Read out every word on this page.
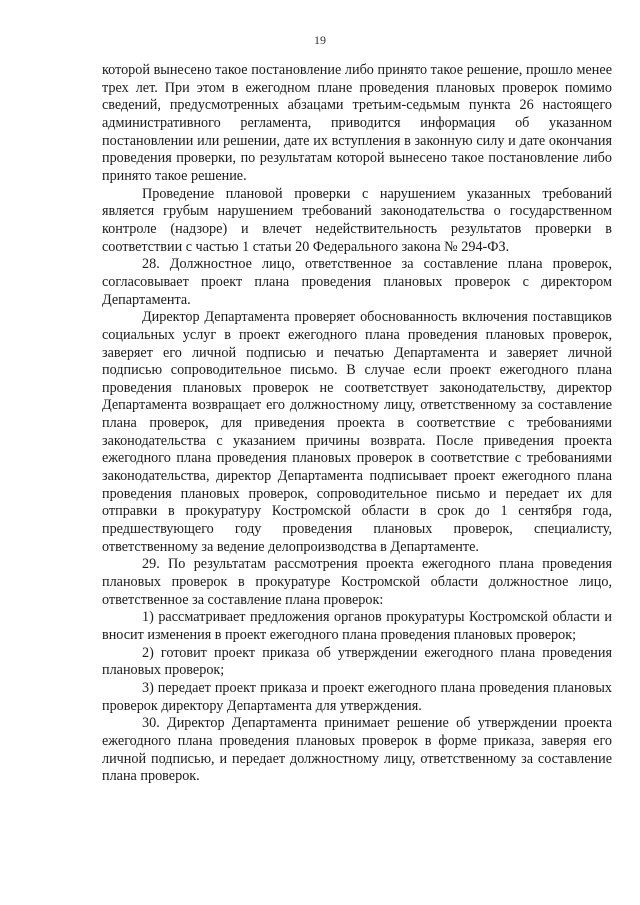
19

которой вынесено такое постановление либо принято такое решение, прошло менее трех лет. При этом в ежегодном плане проведения плановых проверок помимо сведений, предусмотренных абзацами третьим-седьмым пункта 26 настоящего административного регламента, приводится информация об указанном постановлении или решении, дате их вступления в законную силу и дате окончания проведения проверки, по результатам которой вынесено такое постановление либо принято такое решение.

Проведение плановой проверки с нарушением указанных требований является грубым нарушением требований законодательства о государственном контроле (надзоре) и влечет недействительность результатов проверки в соответствии с частью 1 статьи 20 Федерального закона № 294-ФЗ.

28. Должностное лицо, ответственное за составление плана проверок, согласовывает проект плана проведения плановых проверок с директором Департамента.

Директор Департамента проверяет обоснованность включения поставщиков социальных услуг в проект ежегодного плана проведения плановых проверок, заверяет его личной подписью и печатью Департамента и заверяет личной подписью сопроводительное письмо. В случае если проект ежегодного плана проведения плановых проверок не соответствует законодательству, директор Департамента возвращает его должностному лицу, ответственному за составление плана проверок, для приведения проекта в соответствие с требованиями законодательства с указанием причины возврата. После приведения проекта ежегодного плана проведения плановых проверок в соответствие с требованиями законодательства, директор Департамента подписывает проект ежегодного плана проведения плановых проверок, сопроводительное письмо и передает их для отправки в прокуратуру Костромской области в срок до 1 сентября года, предшествующего году проведения плановых проверок, специалисту, ответственному за ведение делопроизводства в Департаменте.

29. По результатам рассмотрения проекта ежегодного плана проведения плановых проверок в прокуратуре Костромской области должностное лицо, ответственное за составление плана проверок:

1) рассматривает предложения органов прокуратуры Костромской области и вносит изменения в проект ежегодного плана проведения плановых проверок;

2) готовит проект приказа об утверждении ежегодного плана проведения плановых проверок;

3) передает проект приказа и проект ежегодного плана проведения плановых проверок директору Департамента для утверждения.

30. Директор Департамента принимает решение об утверждении проекта ежегодного плана проведения плановых проверок в форме приказа, заверяя его личной подписью, и передает должностному лицу, ответственному за составление плана проверок.
